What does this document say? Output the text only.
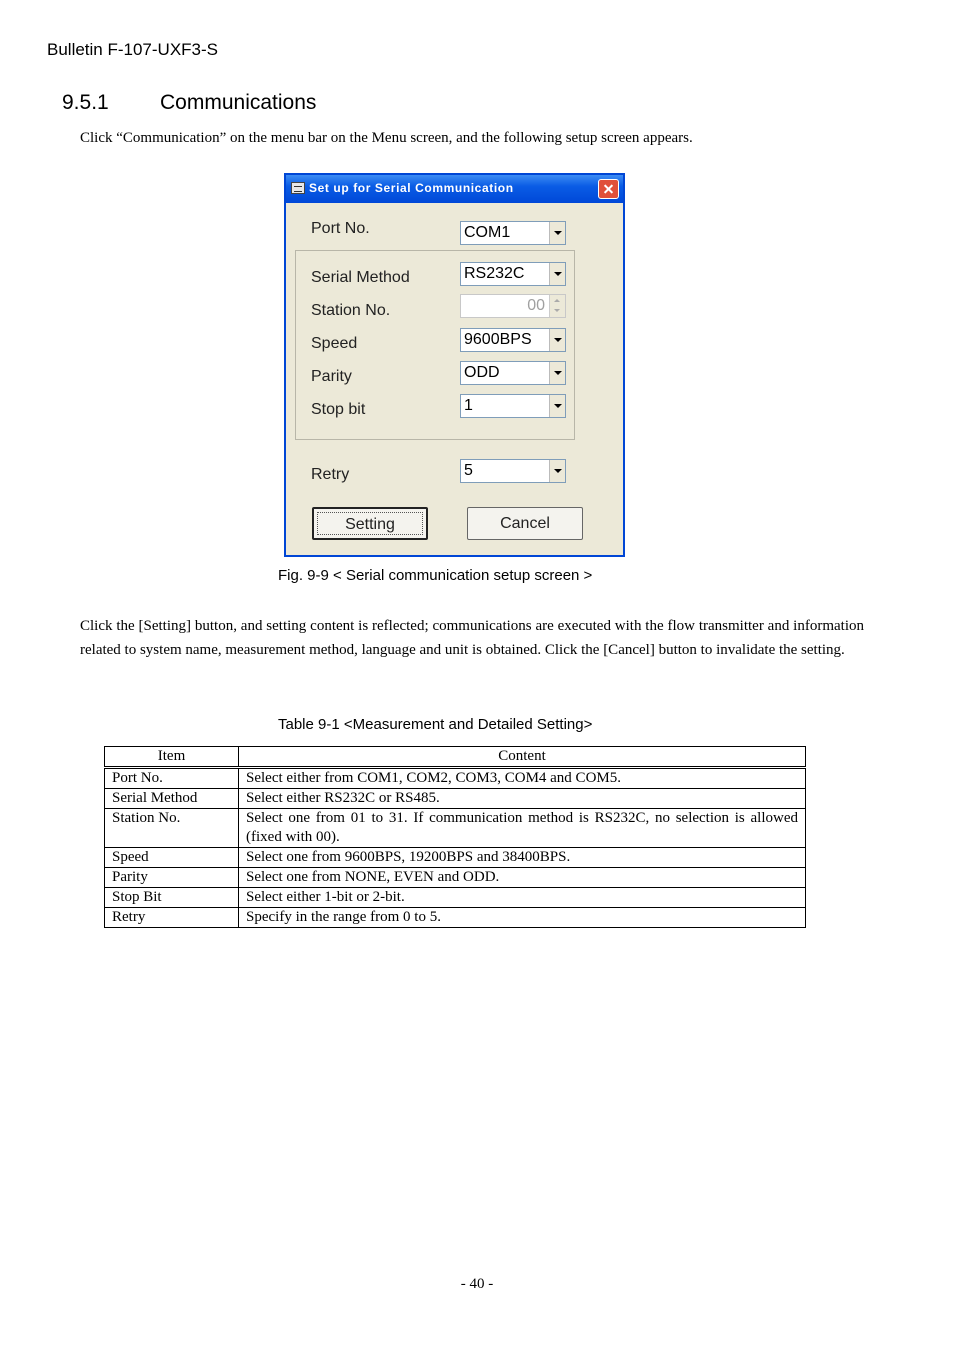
Bulletin F-107-UXF3-S
9.5.1 Communications
Click “Communication” on the menu bar on the Menu screen, and the following setup screen appears.
Set up for Serial Communication
Port No.	COM1
Serial Method	RS232C
Station No.	00
Speed	9600BPS
Parity	ODD
Stop bit	1
Retry	5
Setting	Cancel
Fig. 9-9 < Serial communication setup screen >
Click the [Setting] button, and setting content is reflected; communications are executed with the flow transmitter and information related to system name, measurement method, language and unit is obtained. Click the [Cancel] button to invalidate the setting.
Table 9-1 <Measurement and Detailed Setting>
Item	Content
Port No.	Select either from COM1, COM2, COM3, COM4 and COM5.
Serial Method	Select either RS232C or RS485.
Station No.	Select one from 01 to 31. If communication method is RS232C, no selection is allowed (fixed with 00).
Speed	Select one from 9600BPS, 19200BPS and 38400BPS.
Parity	Select one from NONE, EVEN and ODD.
Stop Bit	Select either 1-bit or 2-bit.
Retry	Specify in the range from 0 to 5.
- 40 -
